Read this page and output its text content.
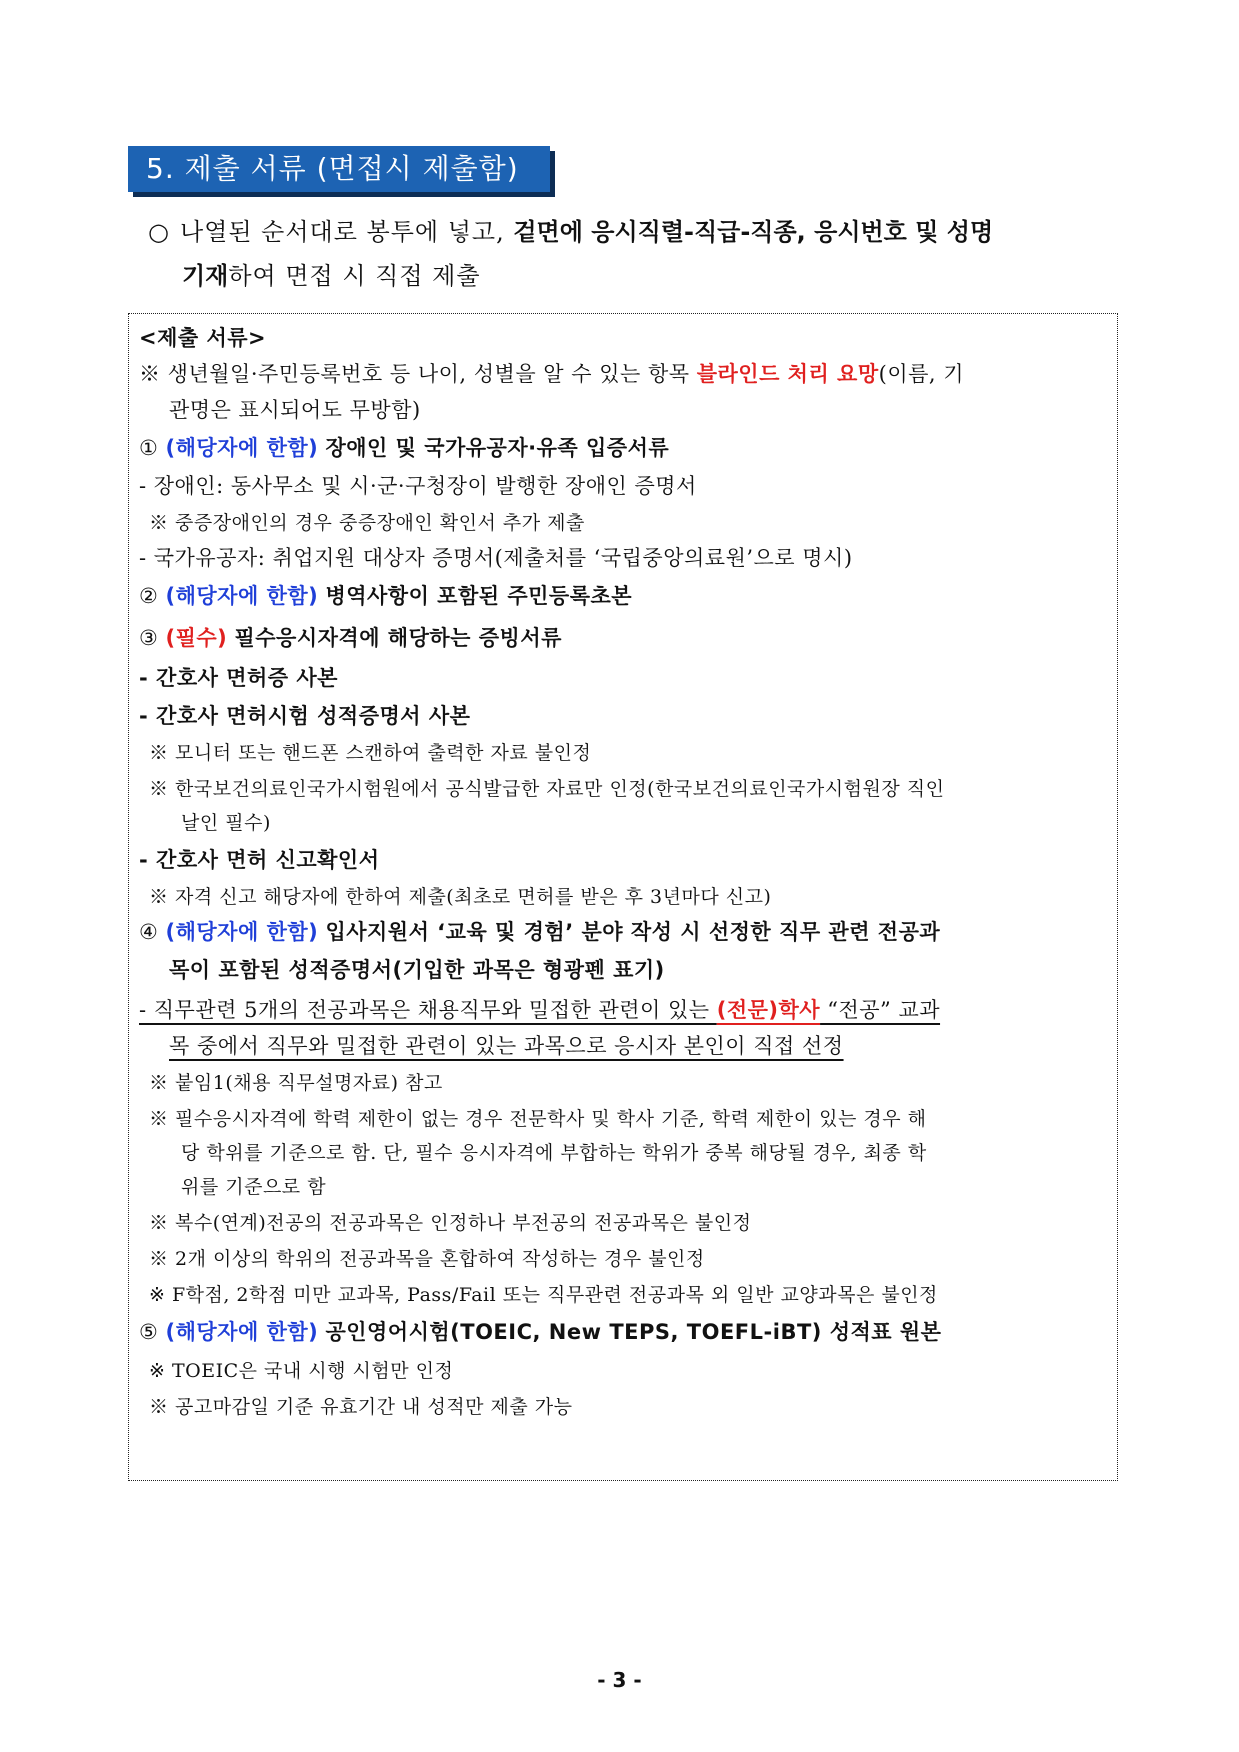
5. 제출 서류 (면접시 제출함)
○ 나열된 순서대로 봉투에 넣고, 겉면에 응시직렬-직급-직종, 응시번호 및 성명
기재하여 면접 시 직접 제출
<제출 서류>
※ 생년월일·주민등록번호 등 나이, 성별을 알 수 있는 항목 블라인드 처리 요망(이름, 기
관명은 표시되어도 무방함)
① (해당자에 한함) 장애인 및 국가유공자·유족 입증서류
- 장애인: 동사무소 및 시·군·구청장이 발행한 장애인 증명서
※ 중증장애인의 경우 중증장애인 확인서 추가 제출
- 국가유공자: 취업지원 대상자 증명서(제출처를 ‘국립중앙의료원’으로 명시)
② (해당자에 한함) 병역사항이 포함된 주민등록초본
③ (필수) 필수응시자격에 해당하는 증빙서류
- 간호사 면허증 사본
- 간호사 면허시험 성적증명서 사본
※ 모니터 또는 핸드폰 스캔하여 출력한 자료 불인정
※ 한국보건의료인국가시험원에서 공식발급한 자료만 인정(한국보건의료인국가시험원장 직인
날인 필수)
- 간호사 면허 신고확인서
※ 자격 신고 해당자에 한하여 제출(최초로 면허를 받은 후 3년마다 신고)
④ (해당자에 한함) 입사지원서 ‘교육 및 경험’ 분야 작성 시 선정한 직무 관련 전공과
목이 포함된 성적증명서(기입한 과목은 형광펜 표기)
- 직무관련 5개의 전공과목은 채용직무와 밀접한 관련이 있는 (전문)학사 “전공” 교과
목 중에서 직무와 밀접한 관련이 있는 과목으로 응시자 본인이 직접 선정
※ 붙임1(채용 직무설명자료) 참고
※ 필수응시자격에 학력 제한이 없는 경우 전문학사 및 학사 기준, 학력 제한이 있는 경우 해
당 학위를 기준으로 함. 단, 필수 응시자격에 부합하는 학위가 중복 해당될 경우, 최종 학
위를 기준으로 함
※ 복수(연계)전공의 전공과목은 인정하나 부전공의 전공과목은 불인정
※ 2개 이상의 학위의 전공과목을 혼합하여 작성하는 경우 불인정
※ F학점, 2학점 미만 교과목, Pass/Fail 또는 직무관련 전공과목 외 일반 교양과목은 불인정
⑤ (해당자에 한함) 공인영어시험(TOEIC, New TEPS, TOEFL-iBT) 성적표 원본
※ TOEIC은 국내 시행 시험만 인정
※ 공고마감일 기준 유효기간 내 성적만 제출 가능
- 3 -
